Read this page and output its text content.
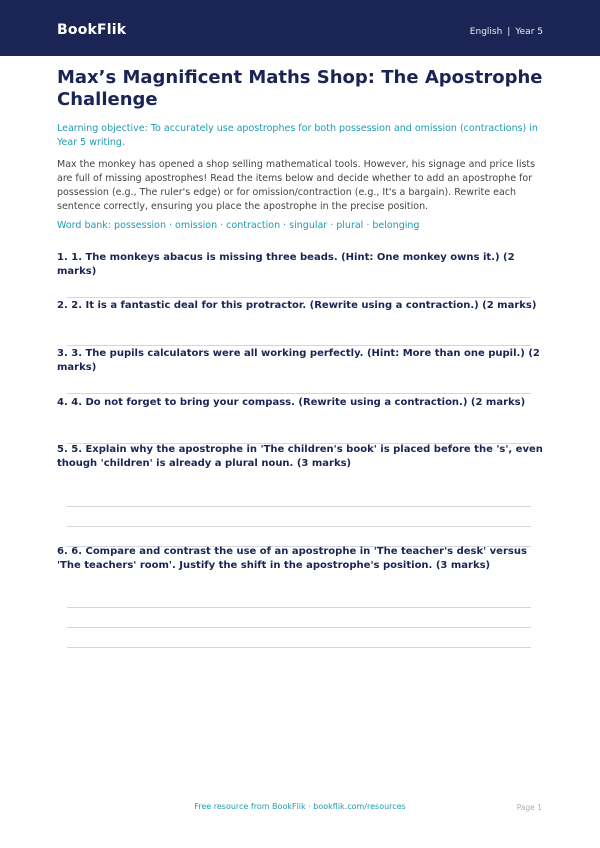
BookFlik	English | Year 5
Max’s Magnificent Maths Shop: The Apostrophe Challenge
Learning objective: To accurately use apostrophes for both possession and omission (contractions) in Year 5 writing.
Max the monkey has opened a shop selling mathematical tools. However, his signage and price lists are full of missing apostrophes! Read the items below and decide whether to add an apostrophe for possession (e.g., The ruler's edge) or for omission/contraction (e.g., It's a bargain). Rewrite each sentence correctly, ensuring you place the apostrophe in the precise position.
Word bank: possession · omission · contraction · singular · plural · belonging
1. 1. The monkeys abacus is missing three beads. (Hint: One monkey owns it.) (2 marks)
2. 2. It is a fantastic deal for this protractor. (Rewrite using a contraction.) (2 marks)
3. 3. The pupils calculators were all working perfectly. (Hint: More than one pupil.) (2 marks)
4. 4. Do not forget to bring your compass. (Rewrite using a contraction.) (2 marks)
5. 5. Explain why the apostrophe in 'The children's book' is placed before the 's', even though 'children' is already a plural noun. (3 marks)
6. 6. Compare and contrast the use of an apostrophe in 'The teacher's desk' versus 'The teachers' room'. Justify the shift in the apostrophe's position. (3 marks)
Free resource from BookFlik · bookflik.com/resources	Page 1
